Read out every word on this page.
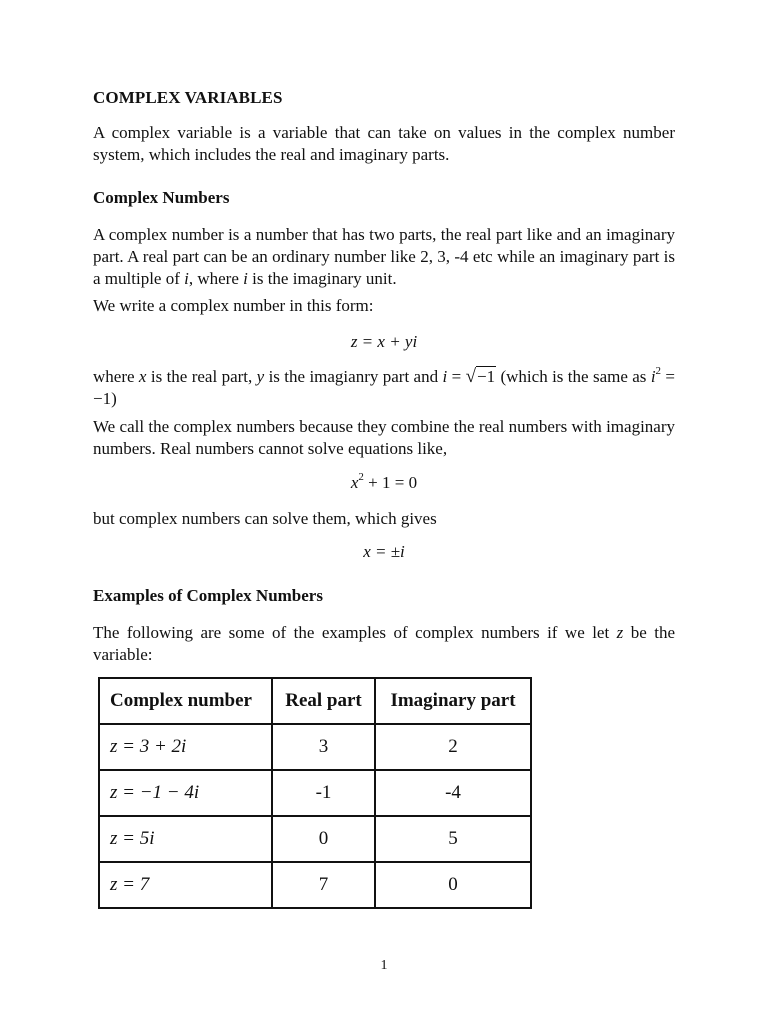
COMPLEX VARIABLES
A complex variable is a variable that can take on values in the complex number system, which includes the real and imaginary parts.
Complex Numbers
A complex number is a number that has two parts, the real part like and an imaginary part. A real part can be an ordinary number like 2, 3, -4 etc while an imaginary part is a multiple of i, where i is the imaginary unit.
We write a complex number in this form:
z = x + yi
where x is the real part, y is the imagianry part and i = √−1 (which is the same as $i^2 = -1$)
We call the complex numbers because they combine the real numbers with imaginary numbers. Real numbers cannot solve equations like,
$x^2 + 1 = 0$
but complex numbers can solve them, which gives
x = ±i
Examples of Complex Numbers
The following are some of the examples of complex numbers if we let z be the variable:
Complex number	Real part	Imaginary part
z = 3 + 2i	3	2
z = −1 − 4i	-1	-4
z = 5i	0	5
z = 7	7	0
1
